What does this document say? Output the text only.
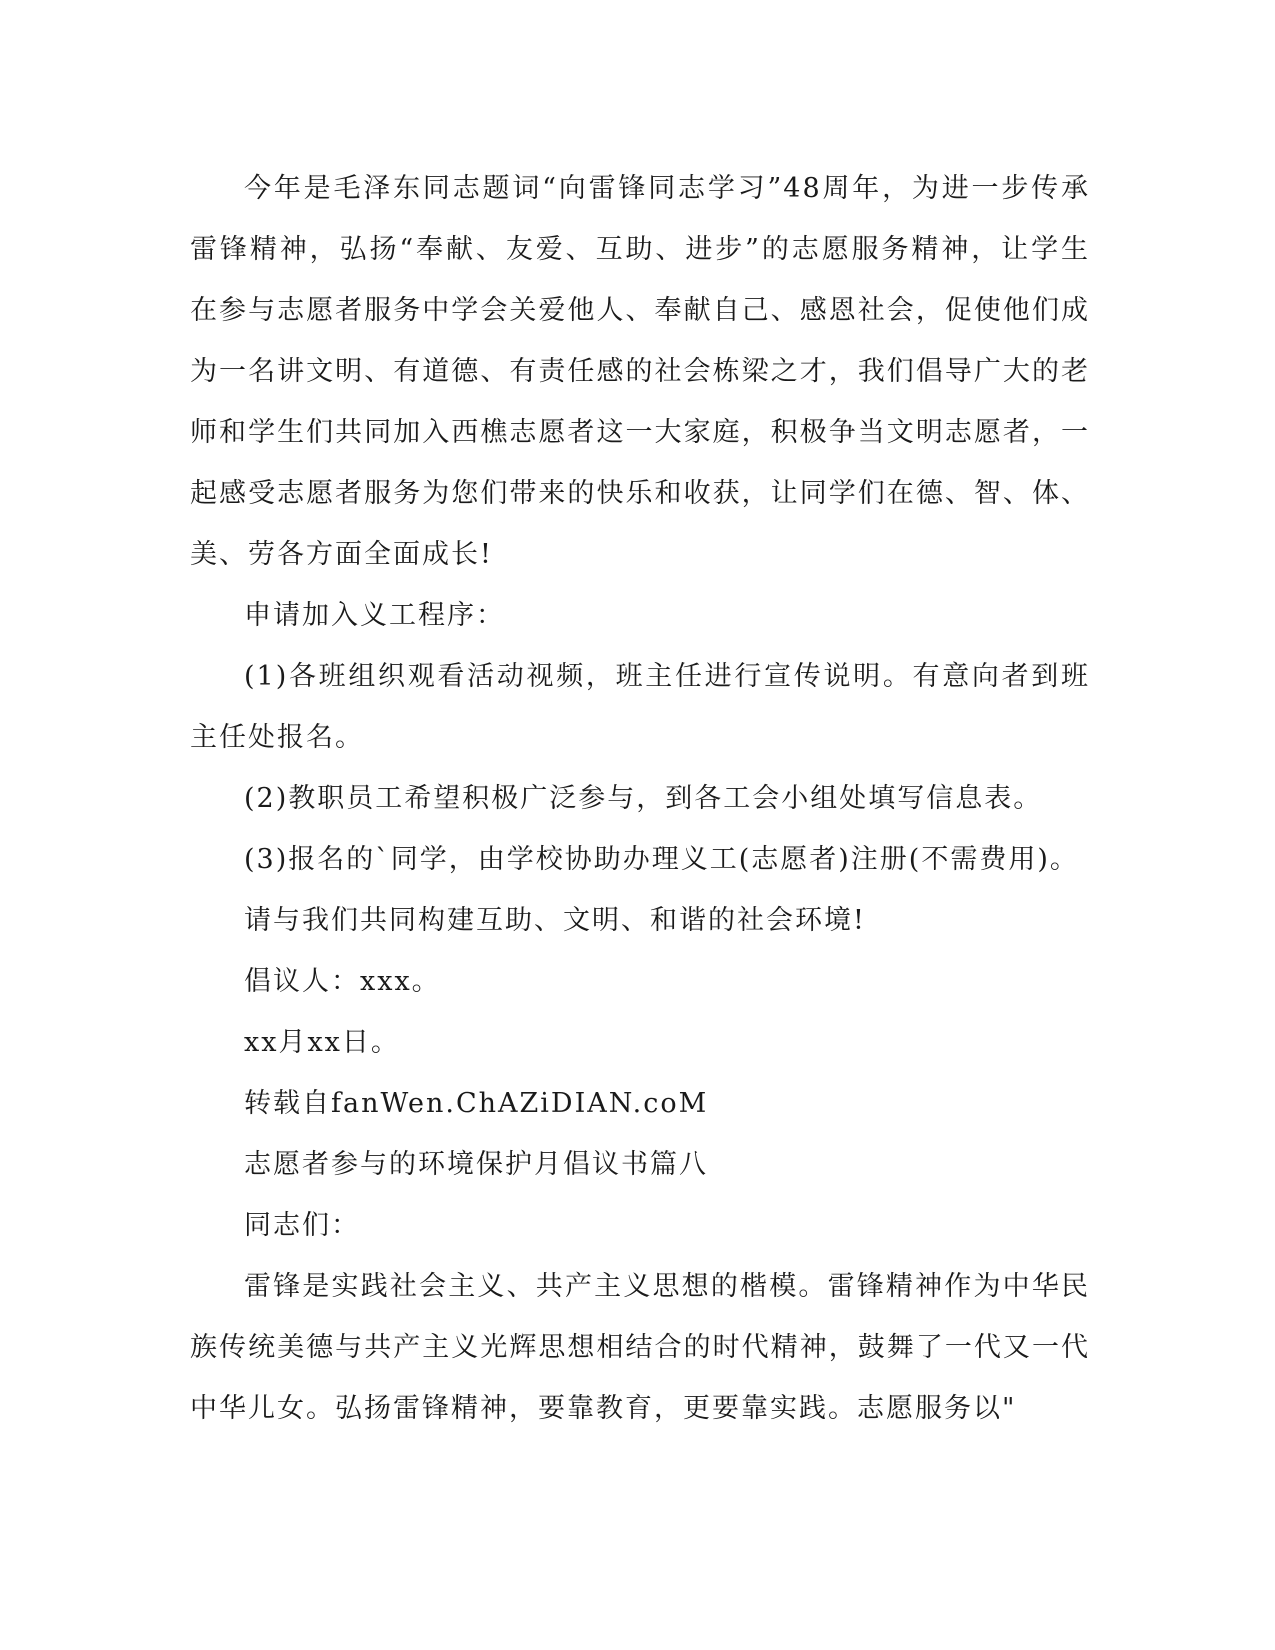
今年是毛泽东同志题词“向雷锋同志学习”48周年，为进一步传承雷锋精神，弘扬“奉献、友爱、互助、进步”的志愿服务精神，让学生在参与志愿者服务中学会关爱他人、奉献自己、感恩社会，促使他们成为一名讲文明、有道德、有责任感的社会栋梁之才，我们倡导广大的老师和学生们共同加入西樵志愿者这一大家庭，积极争当文明志愿者，一起感受志愿者服务为您们带来的快乐和收获，让同学们在德、智、体、美、劳各方面全面成长!

申请加入义工程序：

(1)各班组织观看活动视频，班主任进行宣传说明。有意向者到班主任处报名。

(2)教职员工希望积极广泛参与，到各工会小组处填写信息表。

(3)报名的`同学，由学校协助办理义工(志愿者)注册(不需费用)。

请与我们共同构建互助、文明、和谐的社会环境!

倡议人：xxx。

xx月xx日。

转载自fanWen.ChAZiDIAN.coM

志愿者参与的环境保护月倡议书篇八

同志们：

雷锋是实践社会主义、共产主义思想的楷模。雷锋精神作为中华民族传统美德与共产主义光辉思想相结合的时代精神，鼓舞了一代又一代中华儿女。弘扬雷锋精神，要靠教育，更要靠实践。志愿服务以"
